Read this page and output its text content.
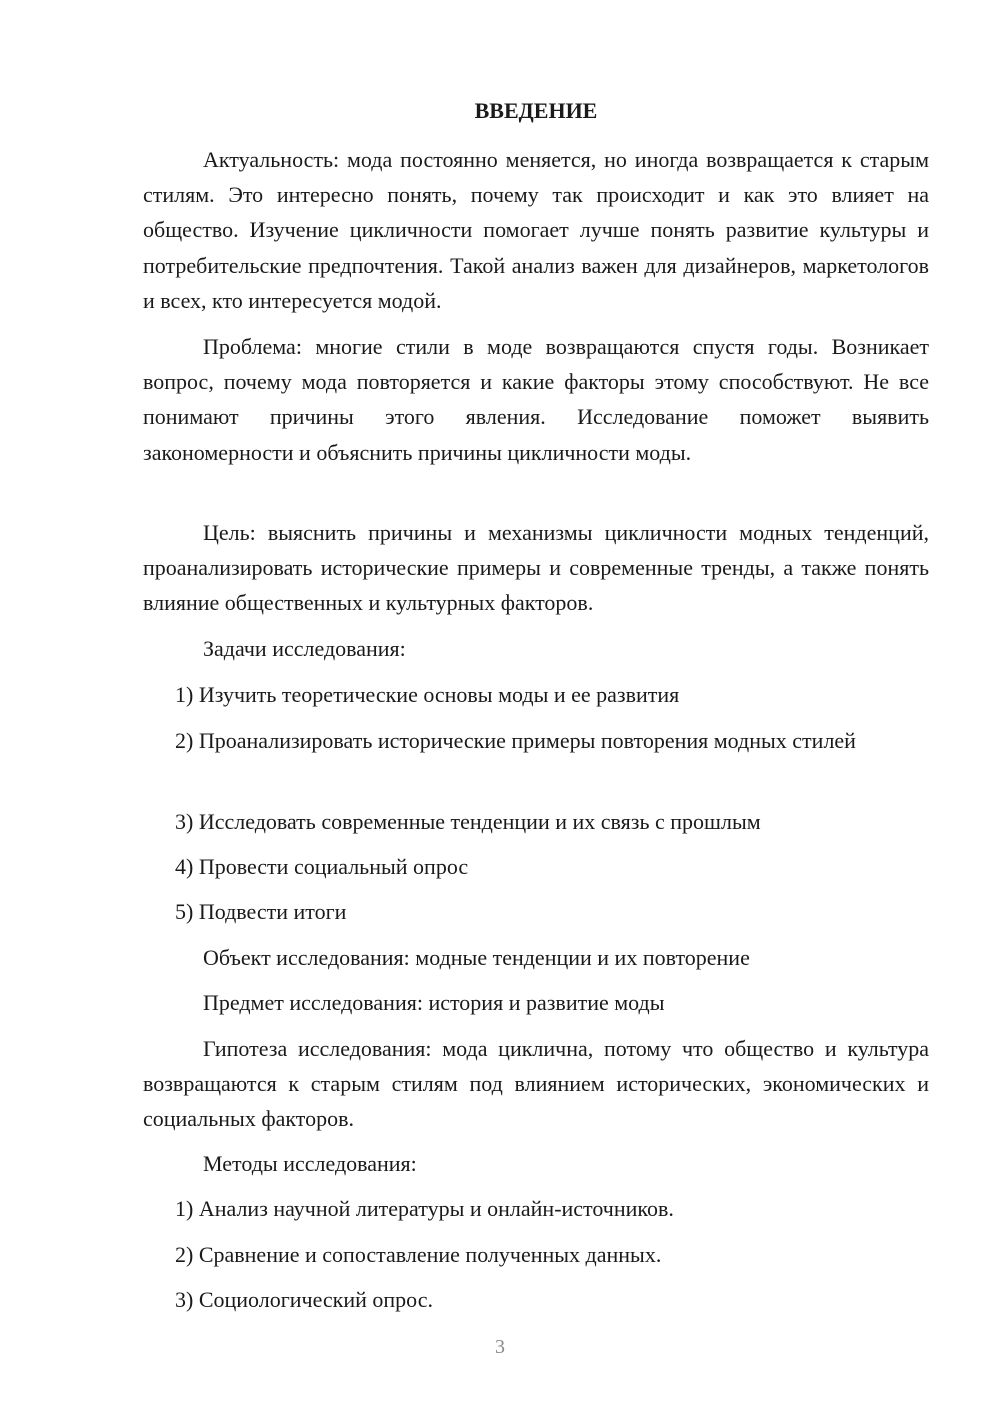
ВВЕДЕНИЕ

Актуальность: мода постоянно меняется, но иногда возвращается к старым стилям. Это интересно понять, почему так происходит и как это влияет на общество. Изучение цикличности помогает лучше понять развитие культуры и потребительские предпочтения. Такой анализ важен для дизайнеров, маркетологов и всех, кто интересуется модой.

Проблема: многие стили в моде возвращаются спустя годы. Возникает вопрос, почему мода повторяется и какие факторы этому способствуют. Не все понимают причины этого явления. Исследование поможет выявить закономерности и объяснить причины цикличности моды.

Цель: выяснить причины и механизмы цикличности модных тенденций, проанализировать исторические примеры и современные тренды, а также понять влияние общественных и культурных факторов.

Задачи исследования:

1) Изучить теоретические основы моды и ее развития

2) Проанализировать исторические примеры повторения модных стилей

3) Исследовать современные тенденции и их связь с прошлым

4) Провести социальный опрос

5) Подвести итоги

Объект исследования: модные тенденции и их повторение

Предмет исследования: история и развитие моды

Гипотеза исследования: мода циклична, потому что общество и культура возвращаются к старым стилям под влиянием исторических, экономических и социальных факторов.

Методы исследования:

1) Анализ научной литературы и онлайн-источников.

2) Сравнение и сопоставление полученных данных.

3) Социологический опрос.

3
